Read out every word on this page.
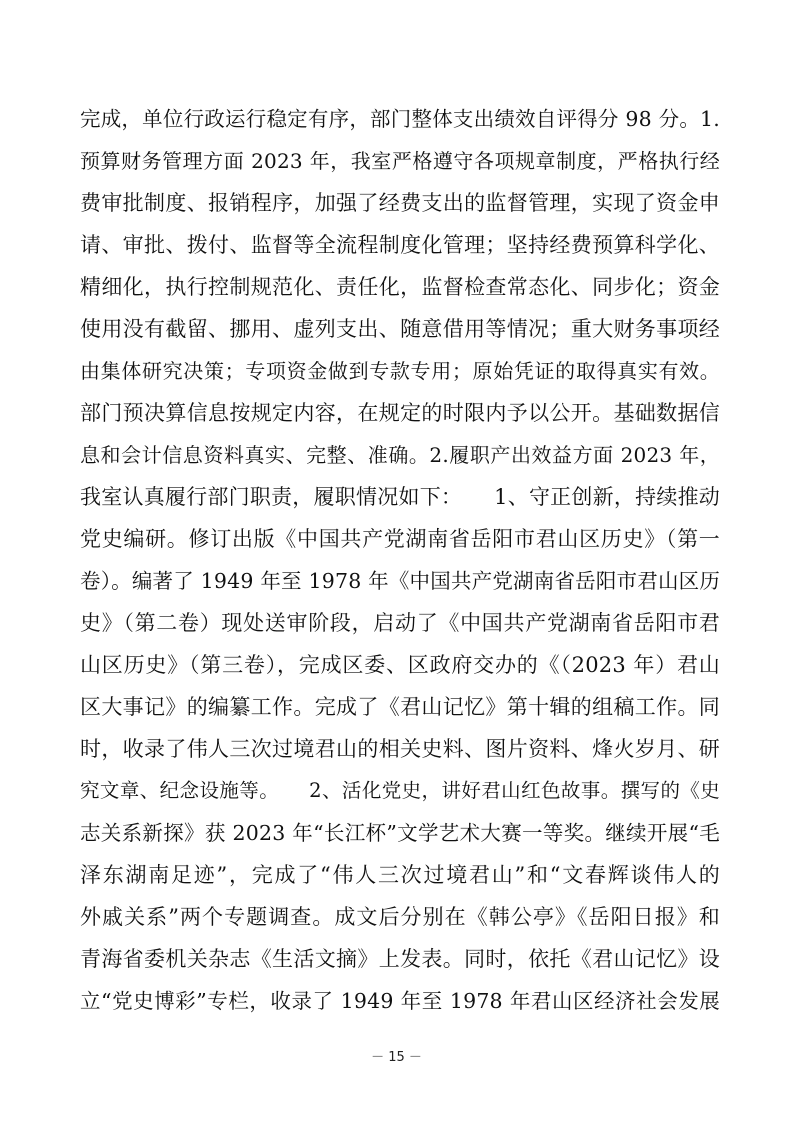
完成，单位行政运行稳定有序，部门整体支出绩效自评得分 98 分。1.
预算财务管理方面 2023 年，我室严格遵守各项规章制度，严格执行经
费审批制度、报销程序，加强了经费支出的监督管理，实现了资金申
请、审批、拨付、监督等全流程制度化管理；坚持经费预算科学化、
精细化，执行控制规范化、责任化，监督检查常态化、同步化；资金
使用没有截留、挪用、虚列支出、随意借用等情况；重大财务事项经
由集体研究决策；专项资金做到专款专用；原始凭证的取得真实有效。
部门预决算信息按规定内容，在规定的时限内予以公开。基础数据信
息和会计信息资料真实、完整、准确。2.履职产出效益方面 2023 年，
我室认真履行部门职责，履职情况如下：　　1、守正创新，持续推动
党史编研。修订出版《中国共产党湖南省岳阳市君山区历史》（第一
卷）。编著了 1949 年至 1978 年《中国共产党湖南省岳阳市君山区历
史》（第二卷）现处送审阶段，启动了《中国共产党湖南省岳阳市君
山区历史》（第三卷），完成区委、区政府交办的《（2023 年）君山
区大事记》的编纂工作。完成了《君山记忆》第十辑的组稿工作。同
时，收录了伟人三次过境君山的相关史料、图片资料、烽火岁月、研
究文章、纪念设施等。　　2、活化党史，讲好君山红色故事。撰写的《史
志关系新探》获 2023 年“长江杯”文学艺术大赛一等奖。继续开展“毛
泽东湖南足迹”，完成了“伟人三次过境君山”和“文春辉谈伟人的
外戚关系”两个专题调查。成文后分别在《韩公亭》《岳阳日报》和
青海省委机关杂志《生活文摘》上发表。同时，依托《君山记忆》设
立“党史博彩”专栏，收录了 1949 年至 1978 年君山区经济社会发展
－ 15 －
